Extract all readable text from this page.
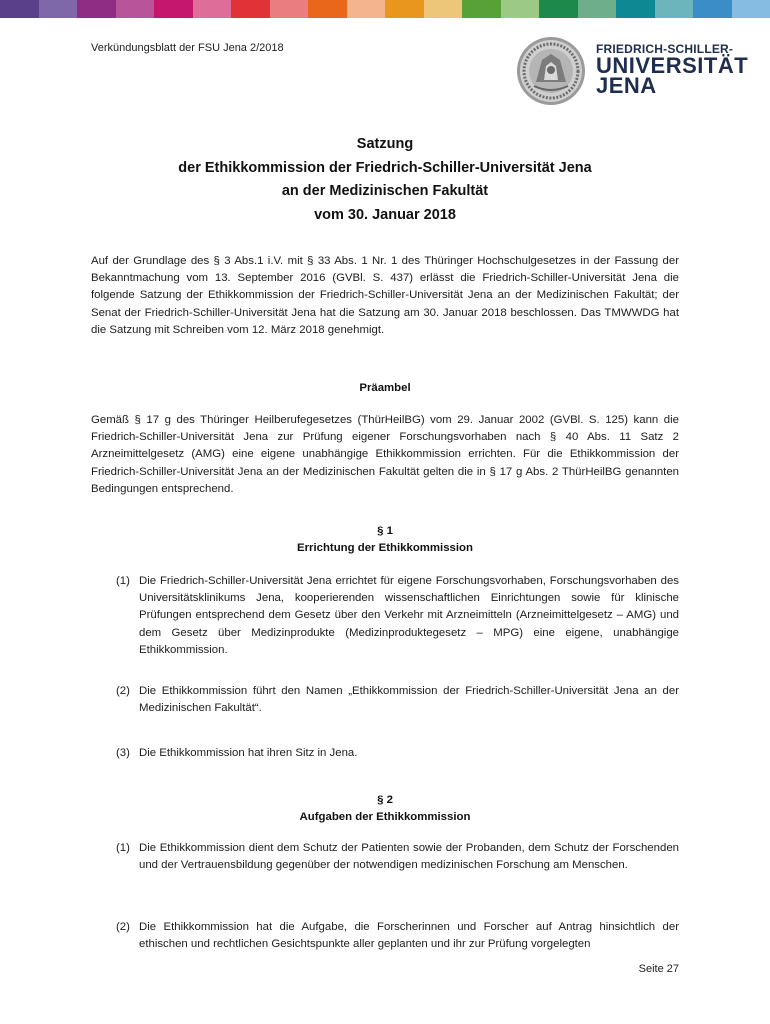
Verkündungsblatt der FSU Jena 2/2018	FRIEDRICH-SCHILLER-
UNIVERSITÄT
JENA
Satzung
der Ethikkommission der Friedrich-Schiller-Universität Jena
an der Medizinischen Fakultät
vom 30. Januar 2018

Auf der Grundlage des § 3 Abs.1 i.V. mit § 33 Abs. 1 Nr. 1 des Thüringer Hochschulgesetzes in der Fassung der Bekanntmachung vom 13. September 2016 (GVBl. S. 437) erlässt die Friedrich-Schiller-Universität Jena die folgende Satzung der Ethikkommission der Friedrich-Schiller-Universität Jena an der Medizinischen Fakultät; der Senat der Friedrich-Schiller-Universität Jena hat die Satzung am 30. Januar 2018 beschlossen. Das TMWWDG hat die Satzung mit Schreiben vom 12. März 2018 genehmigt.

Präambel

Gemäß § 17 g des Thüringer Heilberufegesetzes (ThürHeilBG) vom 29. Januar 2002 (GVBl. S. 125) kann die Friedrich-Schiller-Universität Jena zur Prüfung eigener Forschungsvorhaben nach § 40 Abs. 11 Satz 2 Arzneimittelgesetz (AMG) eine eigene unabhängige Ethikkommission errichten. Für die Ethikkommission der Friedrich-Schiller-Universität Jena an der Medizinischen Fakultät gelten die in § 17 g Abs. 2 ThürHeilBG genannten Bedingungen entsprechend.

§ 1
Errichtung der Ethikkommission
(1) Die Friedrich-Schiller-Universität Jena errichtet für eigene Forschungsvorhaben, Forschungsvorhaben des Universitätsklinikums Jena, kooperierenden wissenschaftlichen Einrichtungen sowie für klinische Prüfungen entsprechend dem Gesetz über den Verkehr mit Arzneimitteln (Arzneimittelgesetz – AMG) und dem Gesetz über Medizinprodukte (Medizinproduktegesetz – MPG) eine eigene, unabhängige Ethikkommission.
(2) Die Ethikkommission führt den Namen „Ethikkommission der Friedrich-Schiller-Universität Jena an der Medizinischen Fakultät“.
(3) Die Ethikkommission hat ihren Sitz in Jena.
§ 2
Aufgaben der Ethikkommission
(1) Die Ethikkommission dient dem Schutz der Patienten sowie der Probanden, dem Schutz der Forschenden und der Vertrauensbildung gegenüber der notwendigen medizinischen Forschung am Menschen.
(2) Die Ethikkommission hat die Aufgabe, die Forscherinnen und Forscher auf Antrag hinsichtlich der ethischen und rechtlichen Gesichtspunkte aller geplanten und ihr zur Prüfung vorgelegten
Seite 27
